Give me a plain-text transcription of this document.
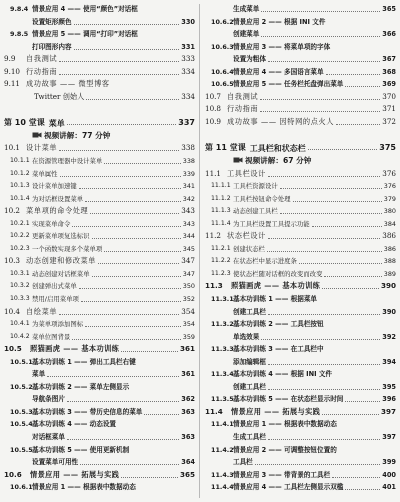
9.8.4 情景应用 4 —— 使用“颜色”对话框
设置矩形颜色	330
9.8.5 情景应用 5 —— 调用“打印”对话框
打印图形内容	331
9.9 自我测试	333
9.10 行动指南	334
9.11 成功故事 —— 微型博客
Twitter 创始人	334
第 10 堂课 菜单	337
视频讲解：77 分钟
10.1 设计菜单	338
10.1.1 在资源管理器中设计菜单	338
10.1.2 菜单属性	339
10.1.3 设计菜单加速键	341
10.1.4 为对话框设置菜单	342
10.2 菜单项的命令处理	343
10.2.1 实现菜单命令	343
10.2.2 更新菜单项复选标识	344
10.2.3 一个函数实现多个菜单项	345
10.3 动态创建和修改菜单	347
10.3.1 动态创建对话框菜单	347
10.3.2 创建弹出式菜单	350
10.3.3 禁用/启用菜单项	352
10.4 自绘菜单	354
10.4.1 为菜单项添加图标	354
10.4.2 菜单位图背景	359
10.5 照猫画虎 —— 基本功训练	361
10.5.1基本功训练 1 —— 弹出工具栏右键
菜单	361
10.5.2基本功训练 2 —— 菜单左侧显示
导航条图片	362
10.5.3基本功训练 3 —— 带历史信息的菜单	363
10.5.4基本功训练 4 —— 动态设置
对话框菜单	363
10.5.5基本功训练 5 —— 使用更新机制
设置菜单可用性	364
10.6 情景应用 —— 拓展与实践	365
10.6.1情景应用 1 —— 根据表中数据动态
生成菜单	365
10.6.2情景应用 2 —— 根据 INI 文件
创建菜单	366
10.6.3情景应用 3 —— 将菜单项的字体
设置为粗体	367
10.6.4情景应用 4 —— 多国语言菜单	368
10.6.5情景应用 5 —— 任务栏托盘弹出菜单	369
10.7 自我测试	370
10.8 行动指南	371
10.9 成功故事 —— 因特网的点火人	372
第 11 堂课 工具栏和状态栏	375
视频讲解：67 分钟
11.1 工具栏设计	376
11.1.1 工具栏资源设计	376
11.1.2 工具栏按钮命令处理	379
11.1.3 动态创建工具栏	380
11.1.4 为工具栏设置工具提示功能	384
11.2 状态栏设计	386
11.2.1 创建状态栏	386
11.2.2 在状态栏中显示进度条	388
11.2.3 使状态栏随对话框的改变而改变	389
11.3 照猫画虎 —— 基本功训练	390
11.3.1基本功训练 1 —— 根据菜单
创建工具栏	390
11.3.2基本功训练 2 —— 工具栏按钮
单选效果	392
11.3.3基本功训练 3 —— 在工具栏中
添加编辑框	394
11.3.4基本功训练 4 —— 根据 INI 文件
创建工具栏	395
11.3.5基本功训练 5 —— 在状态栏显示时间	396
11.4 情景应用 —— 拓展与实践	397
11.4.1情景应用 1 —— 根据表中数据动态
生成工具栏	397
11.4.2情景应用 2 —— 可调整按钮位置的
工具栏	399
11.4.3情景应用 3 —— 带背景的工具栏	400
11.4.4情景应用 4 —— 工具栏左侧显示双槛	401
